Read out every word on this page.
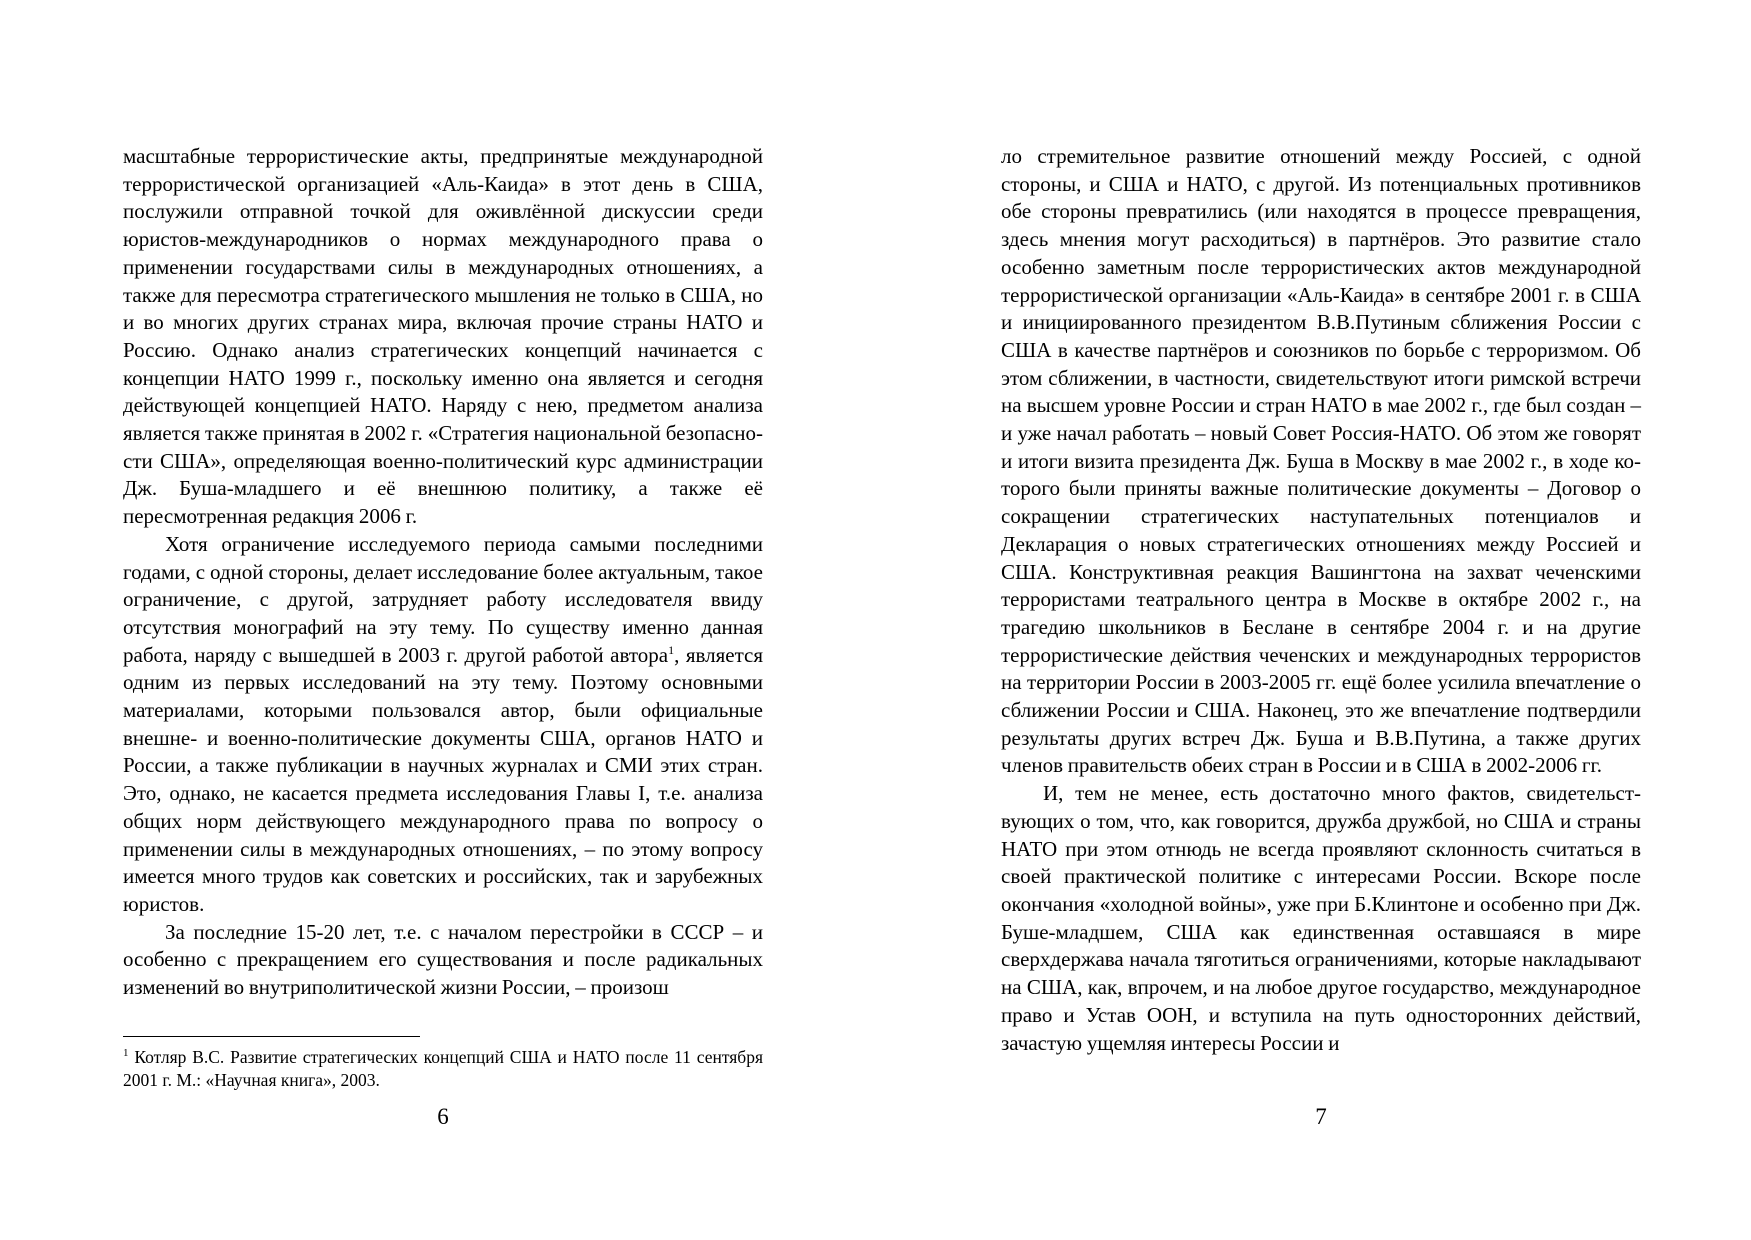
масштабные террористические акты, предпринятые международной террористической организацией «Аль-Каида» в этот день в США, послужили отправной точкой для оживлённой дискуссии среди юристов-международников о нормах международного права о применении государствами силы в международных отношениях, а также для пересмотра стратегического мышления не только в США, но и во многих других странах мира, включая прочие страны НАТО и Россию. Однако анализ стратегических концепций начинается с концепции НАТО 1999 г., поскольку именно она является и сегодня действующей концепцией НАТО. Наряду с нею, предметом анализа является также принятая в 2002 г. «Стратегия национальной безопасности США», определяющая военно-политический курс администрации Дж. Буша-младшего и её внешнюю политику, а также её пересмотренная редакция 2006 г.

Хотя ограничение исследуемого периода самыми последними годами, с одной стороны, делает исследование более актуальным, такое ограничение, с другой, затрудняет работу исследователя ввиду отсутствия монографий на эту тему. По существу именно данная работа, наряду с вышедшей в 2003 г. другой работой автора$^1$, является одним из первых исследований на эту тему. Поэтому основными материалами, которыми пользовался автор, были официальные внешне- и военно-политические документы США, органов НАТО и России, а также публикации в научных журналах и СМИ этих стран. Это, однако, не касается предмета исследования Главы I, т.е. анализа общих норм действующего международного права по вопросу о применении силы в международных отношениях, – по этому вопросу имеется много трудов как советских и российских, так и зарубежных юристов.

За последние 15-20 лет, т.е. с началом перестройки в СССР – и особенно с прекращением его существования и после радикальных изменений во внутриполитической жизни России, – произош

$^1$ Котляр В.С. Развитие стратегических концепций США и НАТО после 11 сентября 2001 г. М.: «Научная книга», 2003.
6

ло стремительное развитие отношений между Россией, с одной стороны, и США и НАТО, с другой. Из потенциальных противников обе стороны превратились (или находятся в процессе превращения, здесь мнения могут расходиться) в партнёров. Это развитие стало особенно заметным после террористических актов международной террористической организации «Аль-Каида» в сентябре 2001 г. в США и инициированного президентом В.В.Путиным сближения России с США в качестве партнёров и союзников по борьбе с терроризмом. Об этом сближении, в частности, свидетельствуют итоги римской встречи на высшем уровне России и стран НАТО в мае 2002 г., где был создан – и уже начал работать – новый Совет Россия-НАТО. Об этом же говорят и итоги визита президента Дж. Буша в Москву в мае 2002 г., в ходе которого были приняты важные политические документы – Договор о сокращении стратегических наступательных потенциалов и Декларация о новых стратегических отношениях между Россией и США. Конструктивная реакция Вашингтона на захват чеченскими террористами театрального центра в Москве в октябре 2002 г., на трагедию школьников в Беслане в сентябре 2004 г. и на другие террористические действия чеченских и международных террористов на территории России в 2003-2005 гг. ещё более усилила впечатление о сближении России и США. Наконец, это же впечатление подтвердили результаты других встреч Дж. Буша и В.В.Путина, а также других членов правительств обеих стран в России и в США в 2002-2006 гг.

И, тем не менее, есть достаточно много фактов, свидетельствующих о том, что, как говорится, дружба дружбой, но США и страны НАТО при этом отнюдь не всегда проявляют склонность считаться в своей практической политике с интересами России. Вскоре после окончания «холодной войны», уже при Б.Клинтоне и особенно при Дж. Буше-младшем, США как единственная оставшаяся в мире сверхдержава начала тяготиться ограничениями, которые накладывают на США, как, впрочем, и на любое другое государство, международное право и Устав ООН, и вступила на путь односторонних действий, зачастую ущемляя интересы России и

7
